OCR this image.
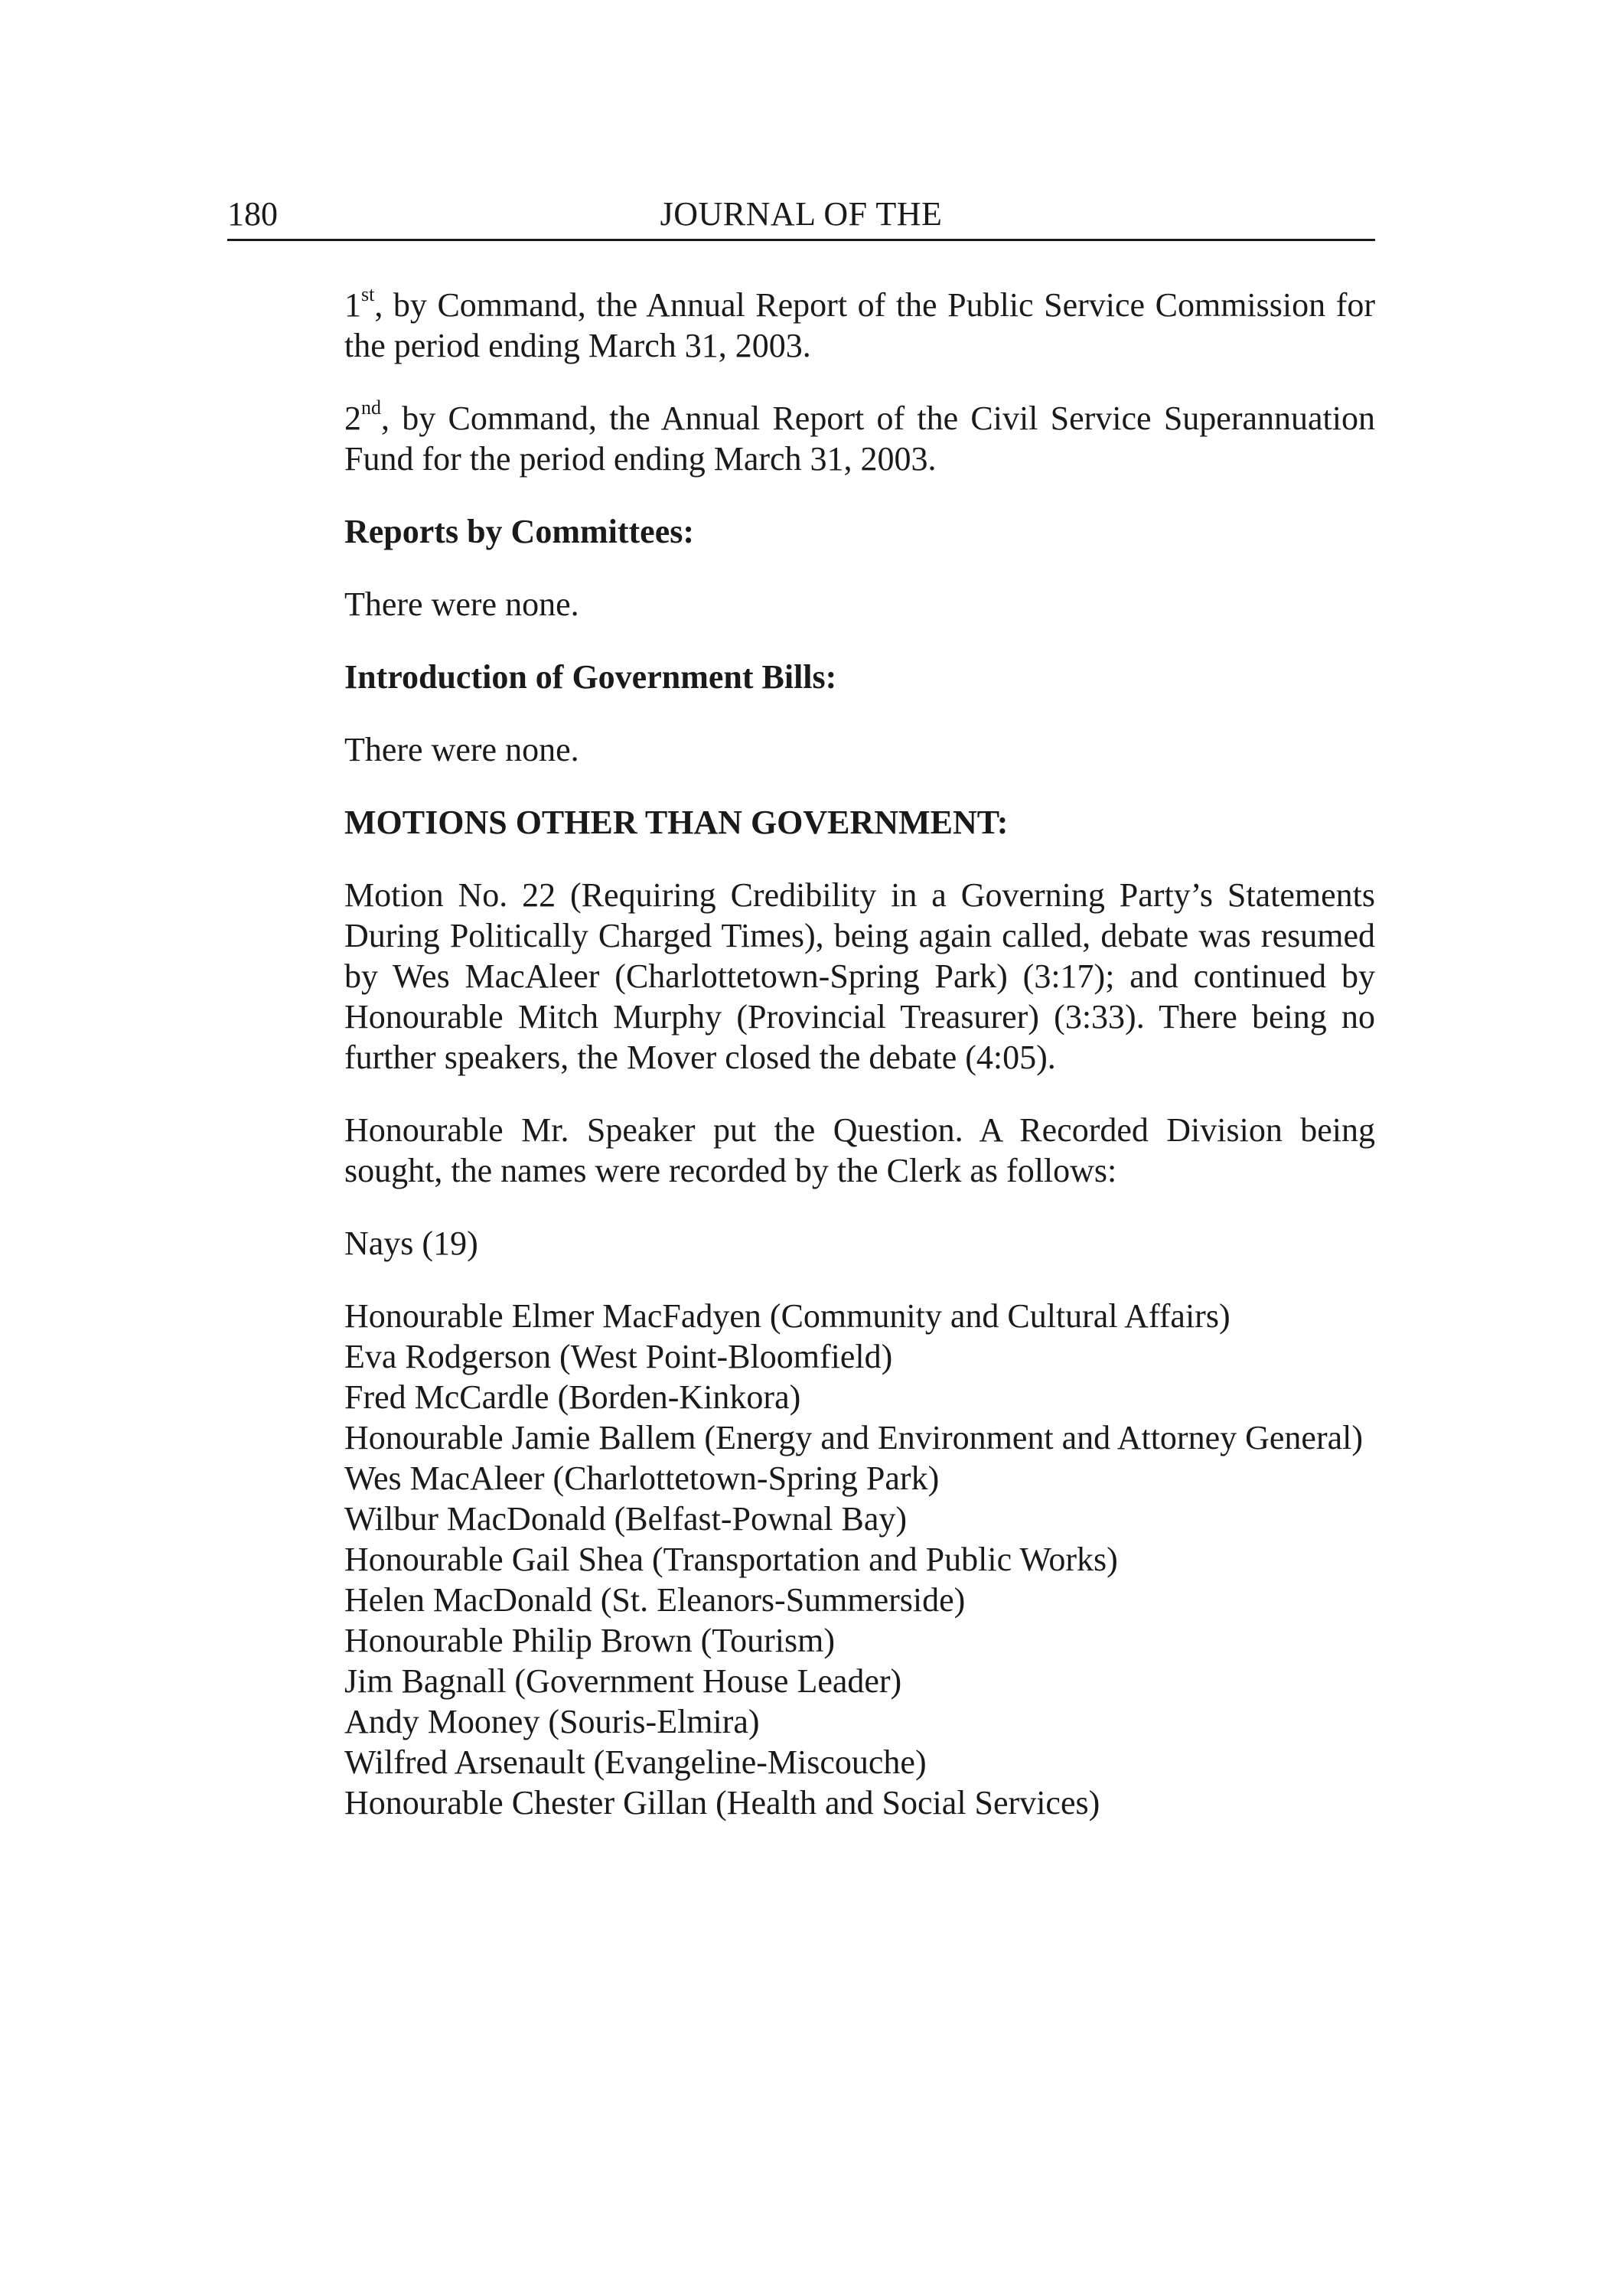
180	JOURNAL OF THE

1st, by Command, the Annual Report of the Public Service Commission for the period ending March 31, 2003.

2nd, by Command, the Annual Report of the Civil Service Superannuation Fund for the period ending March 31, 2003.

Reports by Committees:

There were none.

Introduction of Government Bills:

There were none.

MOTIONS OTHER THAN GOVERNMENT:

Motion No. 22 (Requiring Credibility in a Governing Party’s Statements During Politically Charged Times), being again called, debate was resumed by Wes MacAleer (Charlottetown-Spring Park) (3:17); and continued by Honourable Mitch Murphy (Provincial Treasurer) (3:33). There being no further speakers, the Mover closed the debate (4:05).

Honourable Mr. Speaker put the Question. A Recorded Division being sought, the names were recorded by the Clerk as follows:

Nays (19)

Honourable Elmer MacFadyen (Community and Cultural Affairs)
Eva Rodgerson (West Point-Bloomfield)
Fred McCardle (Borden-Kinkora)
Honourable Jamie Ballem (Energy and Environment and Attorney General)
Wes MacAleer (Charlottetown-Spring Park)
Wilbur MacDonald (Belfast-Pownal Bay)
Honourable Gail Shea (Transportation and Public Works)
Helen MacDonald (St. Eleanors-Summerside)
Honourable Philip Brown (Tourism)
Jim Bagnall (Government House Leader)
Andy Mooney (Souris-Elmira)
Wilfred Arsenault (Evangeline-Miscouche)
Honourable Chester Gillan (Health and Social Services)
